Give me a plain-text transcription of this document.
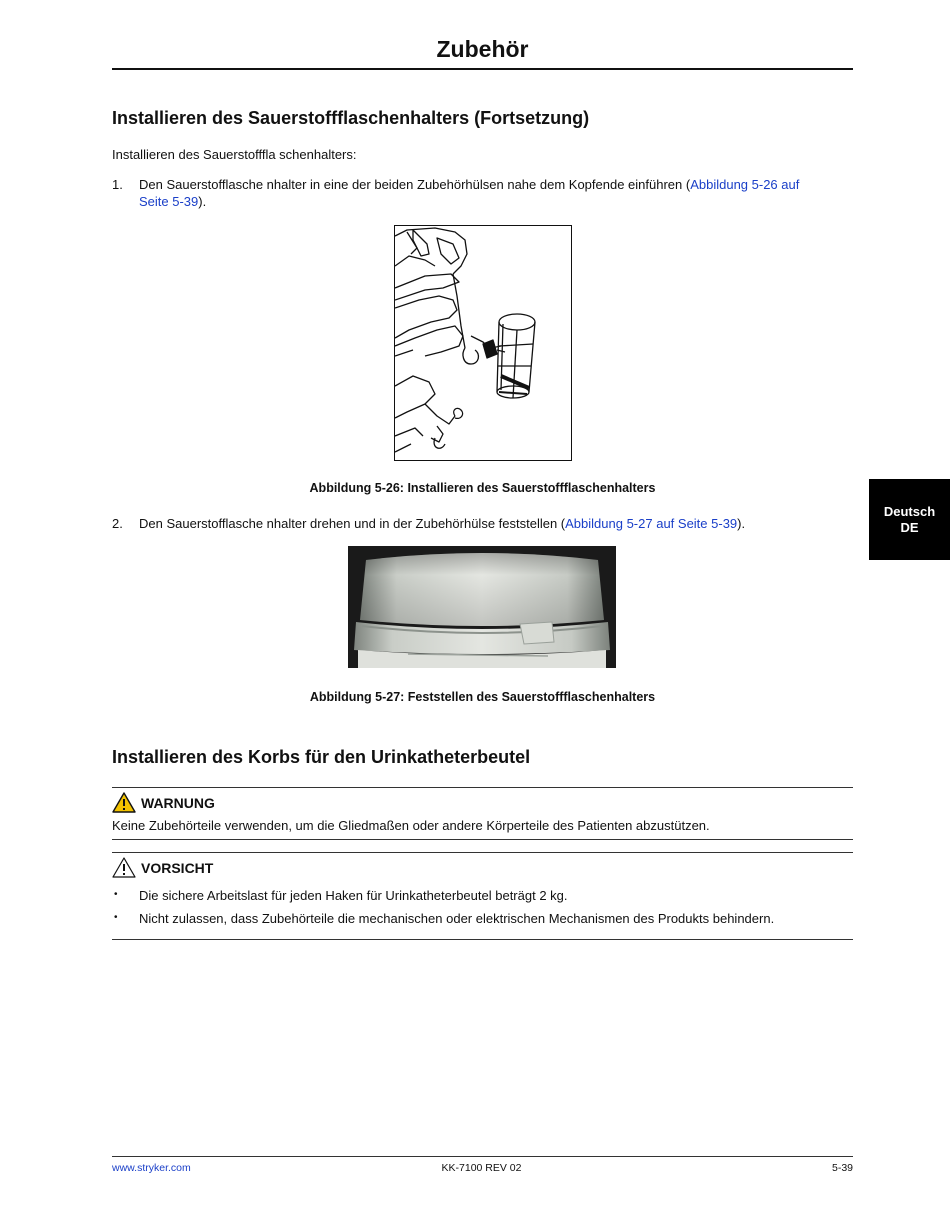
Zubehör
Installieren des Sauerstoffflaschenhalters (Fortsetzung)
Installieren des Sauerstofffla schenhalters:
1. Den Sauerstofflasche nhalter in eine der beiden Zubehörhülsen nahe dem Kopfende einführen (Abbildung 5-26 auf
Seite 5-39).
Abbildung 5-26: Installieren des Sauerstoffflaschenhalters
2. Den Sauerstofflasche nhalter drehen und in der Zubehörhülse feststellen (Abbildung 5-27 auf Seite 5-39).
Abbildung 5-27: Feststellen des Sauerstoffflaschenhalters
Deutsch
DE
Installieren des Korbs für den Urinkatheterbeutel
WARNUNG
Keine Zubehörteile verwenden, um die Gliedmaßen oder andere Körperteile des Patienten abzustützen.
VORSICHT
• Die sichere Arbeitslast für jeden Haken für Urinkatheterbeutel beträgt 2 kg.
• Nicht zulassen, dass Zubehörteile die mechanischen oder elektrischen Mechanismen des Produkts behindern.
www.stryker.com	KK-7100 REV 02	5-39
